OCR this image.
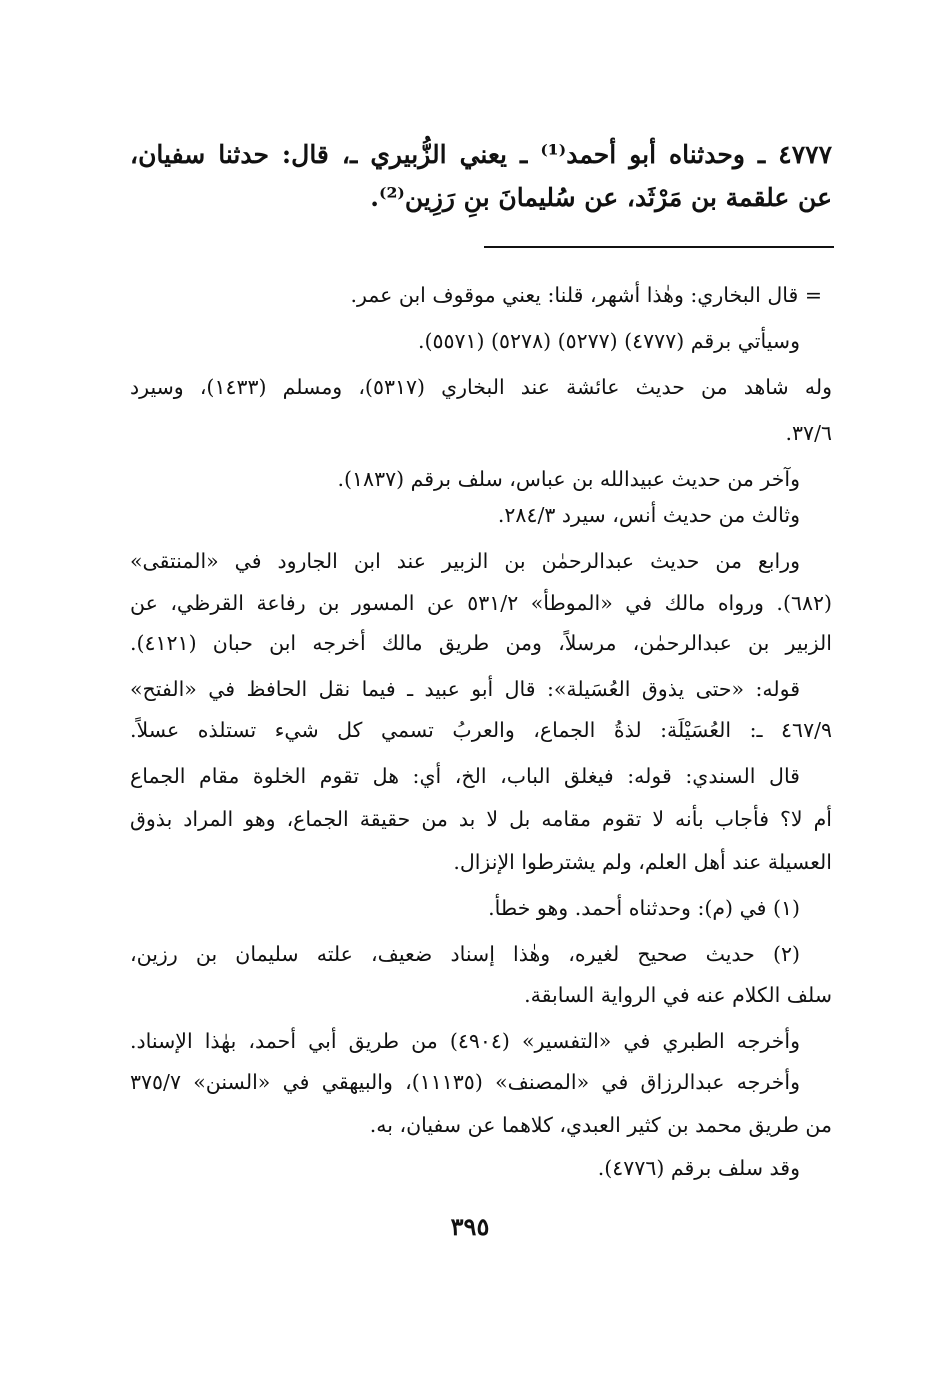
٤٧٧٧ ـ وحدثناه أبو أحمد⁽¹⁾ ـ يعني الزُّبيري ـ، قال: حدثنا سفيان،
عن علقمة بن مَرْثَد، عن سُليمانَ بنِ رَزِين⁽²⁾.
= قال البخاري: وهٰذا أشهر، قلنا: يعني موقوف ابن عمر.
وسيأتي برقم (٤٧٧٧) (٥٢٧٧) (٥٢٧٨) (٥٥٧١).
وله شاهد من حديث عائشة عند البخاري (٥٣١٧)، ومسلم (١٤٣٣)، وسيرد
٣٧/٦.
وآخر من حديث عبيدالله بن عباس، سلف برقم (١٨٣٧).
وثالث من حديث أنس، سيرد ٢٨٤/٣.
ورابع من حديث عبدالرحمٰن بن الزبير عند ابن الجارود في «المنتقى»
(٦٨٢). ورواه مالك في «الموطأ» ٥٣١/٢ عن المسور بن رفاعة القرظي، عن
الزبير بن عبدالرحمٰن، مرسلاً، ومن طريق مالك أخرجه ابن حبان (٤١٢١).
قوله: «حتى يذوق العُسَيلة»: قال أبو عبيد ـ فيما نقل الحافظ في «الفتح»
٤٦٧/٩ ـ: العُسَيْلَة: لذةُ الجماع، والعربُ تسمي كل شيء تستلذه عسلاً.
قال السندي: قوله: فيغلق الباب، الخ، أي: هل تقوم الخلوة مقام الجماع
أم لا؟ فأجاب بأنه لا تقوم مقامه بل لا بد من حقيقة الجماع، وهو المراد بذوق
العسيلة عند أهل العلم، ولم يشترطوا الإنزال.
(١) في (م): وحدثناه أحمد. وهو خطأ.
(٢) حديث صحيح لغيره، وهٰذا إسناد ضعيف، علته سليمان بن رزين،
سلف الكلام عنه في الرواية السابقة.
وأخرجه الطبري في «التفسير» (٤٩٠٤) من طريق أبي أحمد، بهٰذا الإسناد.
وأخرجه عبدالرزاق في «المصنف» (١١١٣٥)، والبيهقي في «السنن» ٣٧٥/٧
من طريق محمد بن كثير العبدي، كلاهما عن سفيان، به.
وقد سلف برقم (٤٧٧٦).
٣٩٥
